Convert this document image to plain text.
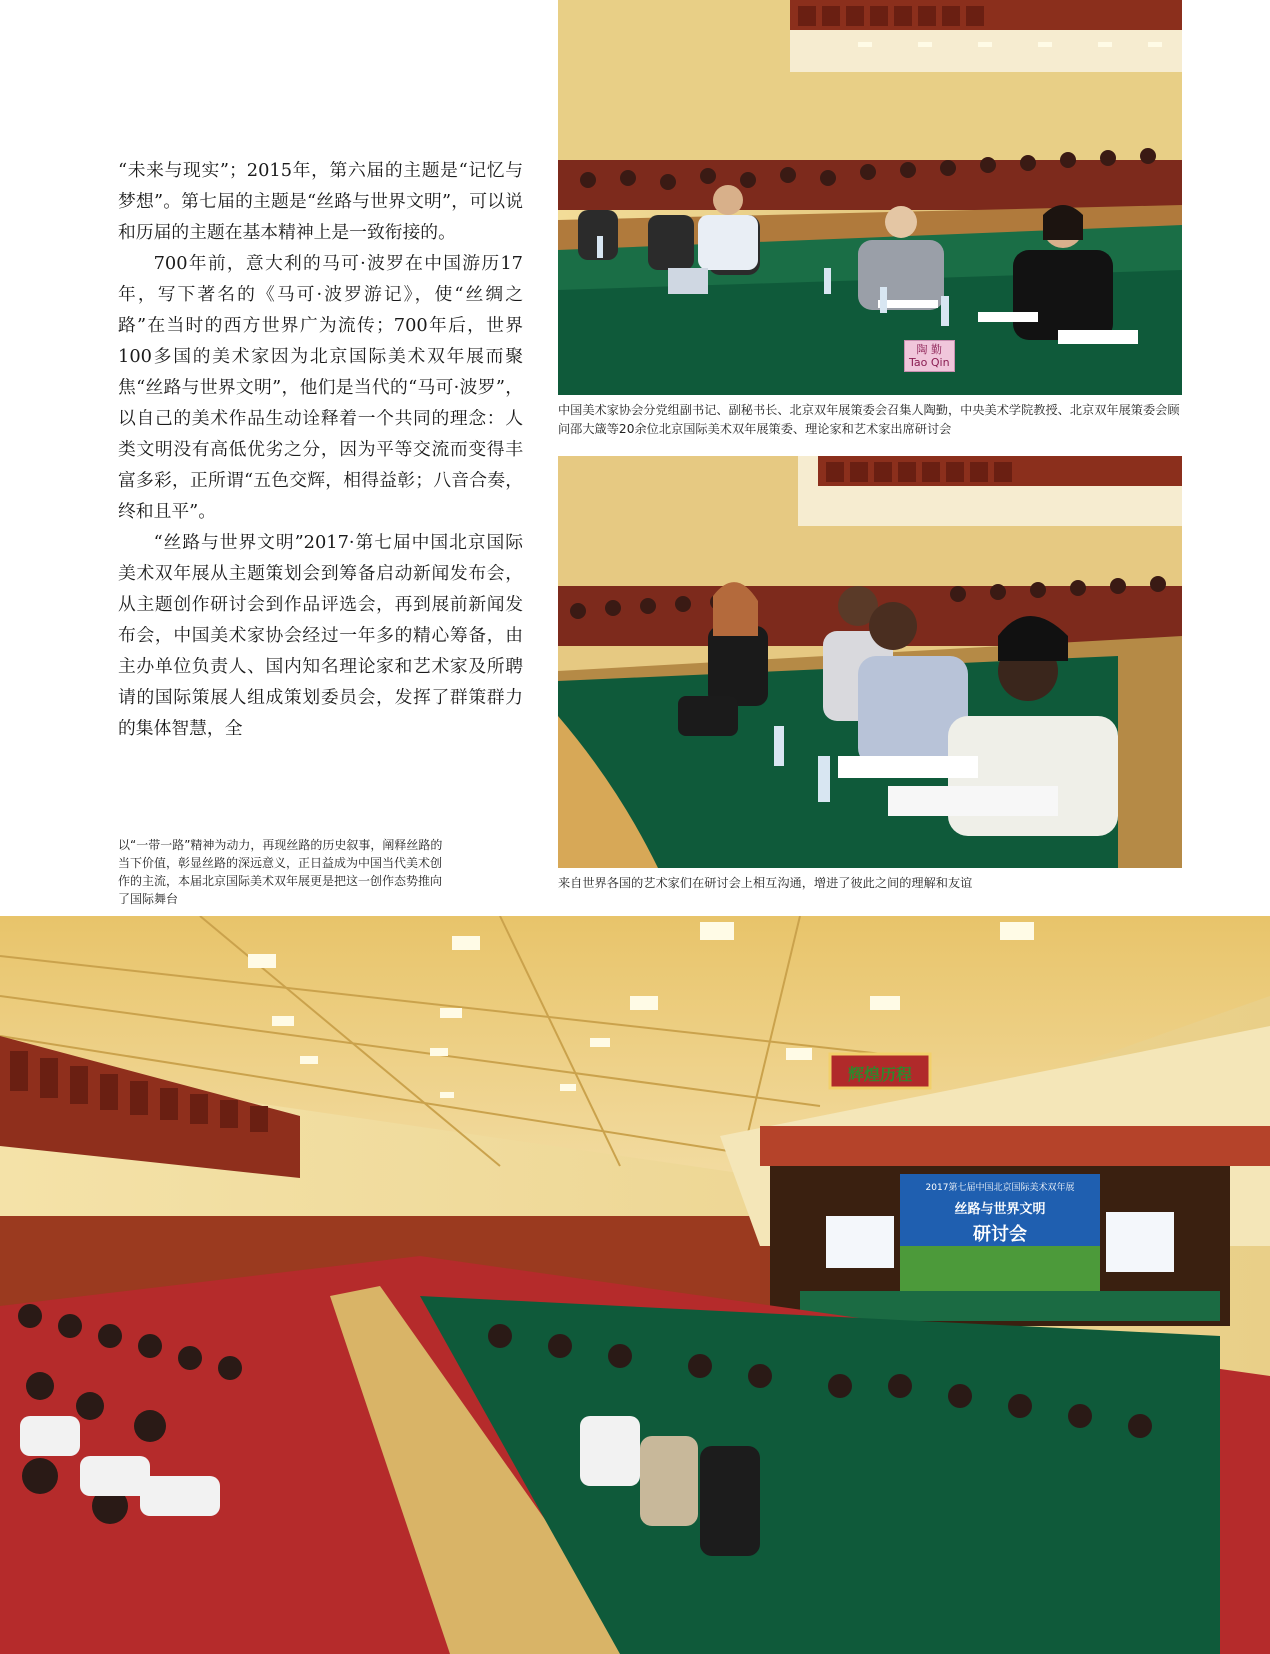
“未来与现实”；2015年，第六届的主题是“记忆与梦想”。第七届的主题是“丝路与世界文明”，可以说和历届的主题在基本精神上是一致衔接的。

700年前，意大利的马可·波罗在中国游历17年，写下著名的《马可·波罗游记》，使“丝绸之路”在当时的西方世界广为流传；700年后，世界100多国的美术家因为北京国际美术双年展而聚焦“丝路与世界文明”，他们是当代的“马可·波罗”，以自己的美术作品生动诠释着一个共同的理念：人类文明没有高低优劣之分，因为平等交流而变得丰富多彩，正所谓“五色交辉，相得益彰；八音合奏，终和且平”。

“丝路与世界文明”2017·第七届中国北京国际美术双年展从主题策划会到筹备启动新闻发布会，从主题创作研讨会到作品评选会，再到展前新闻发布会，中国美术家协会经过一年多的精心筹备，由主办单位负责人、国内知名理论家和艺术家及所聘请的国际策展人组成策划委员会，发挥了群策群力的集体智慧，全

以“一带一路”精神为动力，再现丝路的历史叙事，阐释丝路的当下价值，彰显丝路的深远意义，正日益成为中国当代美术创作的主流，本届北京国际美术双年展更是把这一创作态势推向了国际舞台
陶 勤
Tao Qin
中国美术家协会分党组副书记、副秘书长、北京双年展策委会召集人陶勤，中央美术学院教授、北京双年展策委会顾问邵大箴等20余位北京国际美术双年展策委、理论家和艺术家出席研讨会
来自世界各国的艺术家们在研讨会上相互沟通，增进了彼此之间的理解和友谊
辉煌历程
2017第七届中国北京国际美术双年展
丝路与世界文明
研讨会
